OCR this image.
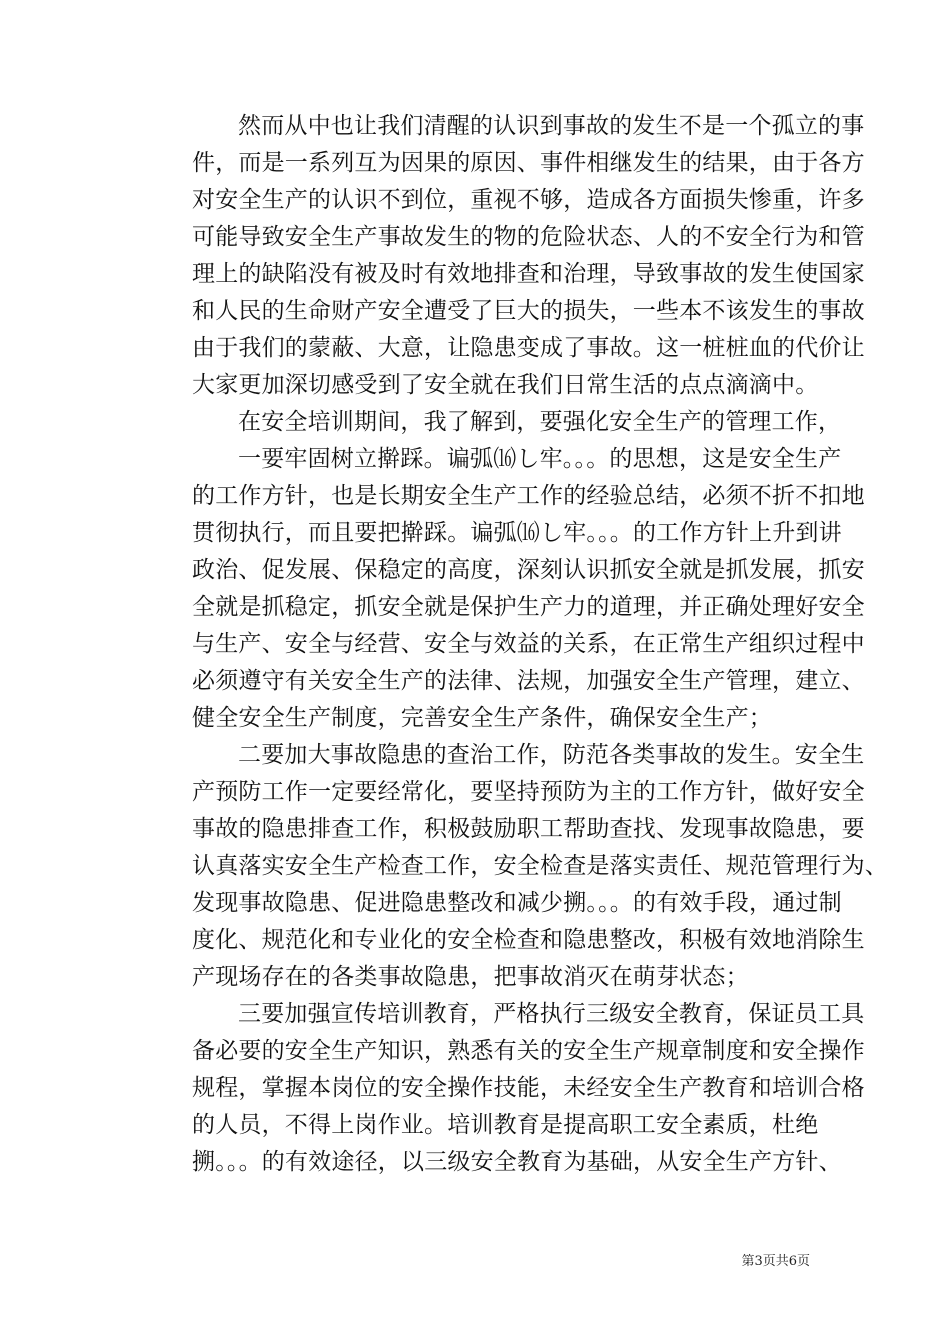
然而从中也让我们清醒的认识到事故的发生不是一个孤立的事
件，而是一系列互为因果的原因、事件相继发生的结果，由于各方
对安全生产的认识不到位，重视不够，造成各方面损失惨重，许多
可能导致安全生产事故发生的物的危险状态、人的不安全行为和管
理上的缺陷没有被及时有效地排查和治理，导致事故的发生使国家
和人民的生命财产安全遭受了巨大的损失，一些本不该发生的事故
由于我们的蒙蔽、大意，让隐患变成了事故。这一桩桩血的代价让
大家更加深切感受到了安全就在我们日常生活的点点滴滴中。
在安全培训期间，我了解到，要强化安全生产的管理工作，
一要牢固树立擀踩。谝弧⒃し牢。。。的思想，这是安全生产
的工作方针，也是长期安全生产工作的经验总结，必须不折不扣地
贯彻执行，而且要把擀踩。谝弧⒃し牢。。。的工作方针上升到讲
政治、促发展、保稳定的高度，深刻认识抓安全就是抓发展，抓安
全就是抓稳定，抓安全就是保护生产力的道理，并正确处理好安全
与生产、安全与经营、安全与效益的关系，在正常生产组织过程中
必须遵守有关安全生产的法律、法规，加强安全生产管理，建立、
健全安全生产制度，完善安全生产条件，确保安全生产；
二要加大事故隐患的查治工作，防范各类事故的发生。安全生
产预防工作一定要经常化，要坚持预防为主的工作方针，做好安全
事故的隐患排查工作，积极鼓励职工帮助查找、发现事故隐患，要
认真落实安全生产检查工作，安全检查是落实责任、规范管理行为、
发现事故隐患、促进隐患整改和减少搠。。。的有效手段，通过制
度化、规范化和专业化的安全检查和隐患整改，积极有效地消除生
产现场存在的各类事故隐患，把事故消灭在萌芽状态；
三要加强宣传培训教育，严格执行三级安全教育，保证员工具
备必要的安全生产知识，熟悉有关的安全生产规章制度和安全操作
规程，掌握本岗位的安全操作技能，未经安全生产教育和培训合格
的人员，不得上岗作业。培训教育是提高职工安全素质，杜绝
搠。。。的有效途径，以三级安全教育为基础，从安全生产方针、
第3页共6页
